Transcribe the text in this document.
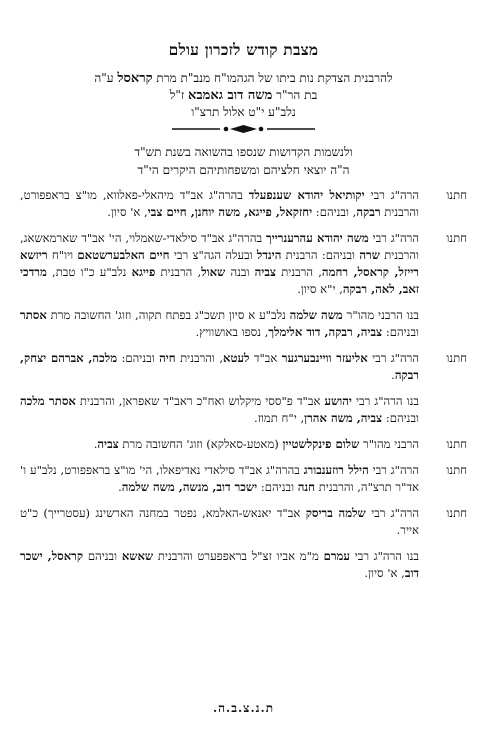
מצבת קודש לזכרון עולם
להרבנית הצדקת נות ביתו של הגהמו"ח מנב"ת מרת קראסל ע"ה
בת הר"ר משה דוב גאמבא ז"ל
נלב"ע י"ט אלול תרצ"ו
ולנשמות הקדושות שנספו בהשואה בשנת תש"ד
ה"ה יוצאי חלציהם ומשפחותיהם היקרים הי"ד
חתנו
הרה"ג רבי יקותיאל יהודא שענפעלד בהרה"ג אב"ד מיהאלי-פאלווא, מו"צ בראפפורט, והרבנית רבקה, ובניהם: יחזקאל, פייגא, משה יוחנן, חיים צבי, א' סיון.
חתנו
הרה"ג רבי משה יהודא עהרענרייך בהרה"ג אב"ד סילאדי-שאמלוי, הי' אב"ד שארמאשאג, והרבנית שרה ובניהם: הרבנית הינדל ובעלה הגה"צ רבי חיים האלבערשטאם ויו"ח ריזשא רייזל, קראסל, רחמה, הרבנית צביה ובנה שאול, הרבנית פייגא נלב"ע כ"ו טבת, מרדכי זאב, לאה, רבקה, י"א סיון.
בנו הרבני מהו"ר משה שלמה נלב"ע א סיון תשכ"ג בפתח תקוה, וזוג' החשובה מרת אסתר ובניהם: צביה, רבקה, דוד אלימלך, נספו באושוויץ.
חתנו
הרה"ג רבי אליעזר וויינבערגער אב"ד לעטא, והרבנית חיה ובניהם: מלכה, אברהם יצחק, רבקה.
בנו הרה"ג רבי יהושע אב"ד פ"ססי מיקלוש ואח"כ ראב"ד שאפראן, והרבנית אסתר מלכה ובניהם: צביה, משה אהרן, י"ח תמוז.
חתנו
הרבני מהו"ר שלום פינקלשטיין (מאטע-סאלקא) וזוג' החשובה מרת צביה.
חתנו
הרה"ג רבי הילל רוזענבורג בהרה"ג אב"ד סילאדי נאדיפאלו, הי' מו"צ בראפפורט, נלב"ע ו' אד"ר תרצ"ה, והרבנית חנה ובניהם: ישכר דוב, מנשה, משה שלמה.
חתנו
הרה"ג רבי שלמה בריסק אב"ד יאנאש-האלמא, נפטר במחנה הארשינג (עסטרייך) כ"ט אייר.
בנו הרה"ג רבי עמרם מ"מ אביו זצ"ל בראפפערט והרבנית שאשא ובניהם קראסל, ישכר דוב, א' סיון.
ת.נ.צ.ב.ה.
